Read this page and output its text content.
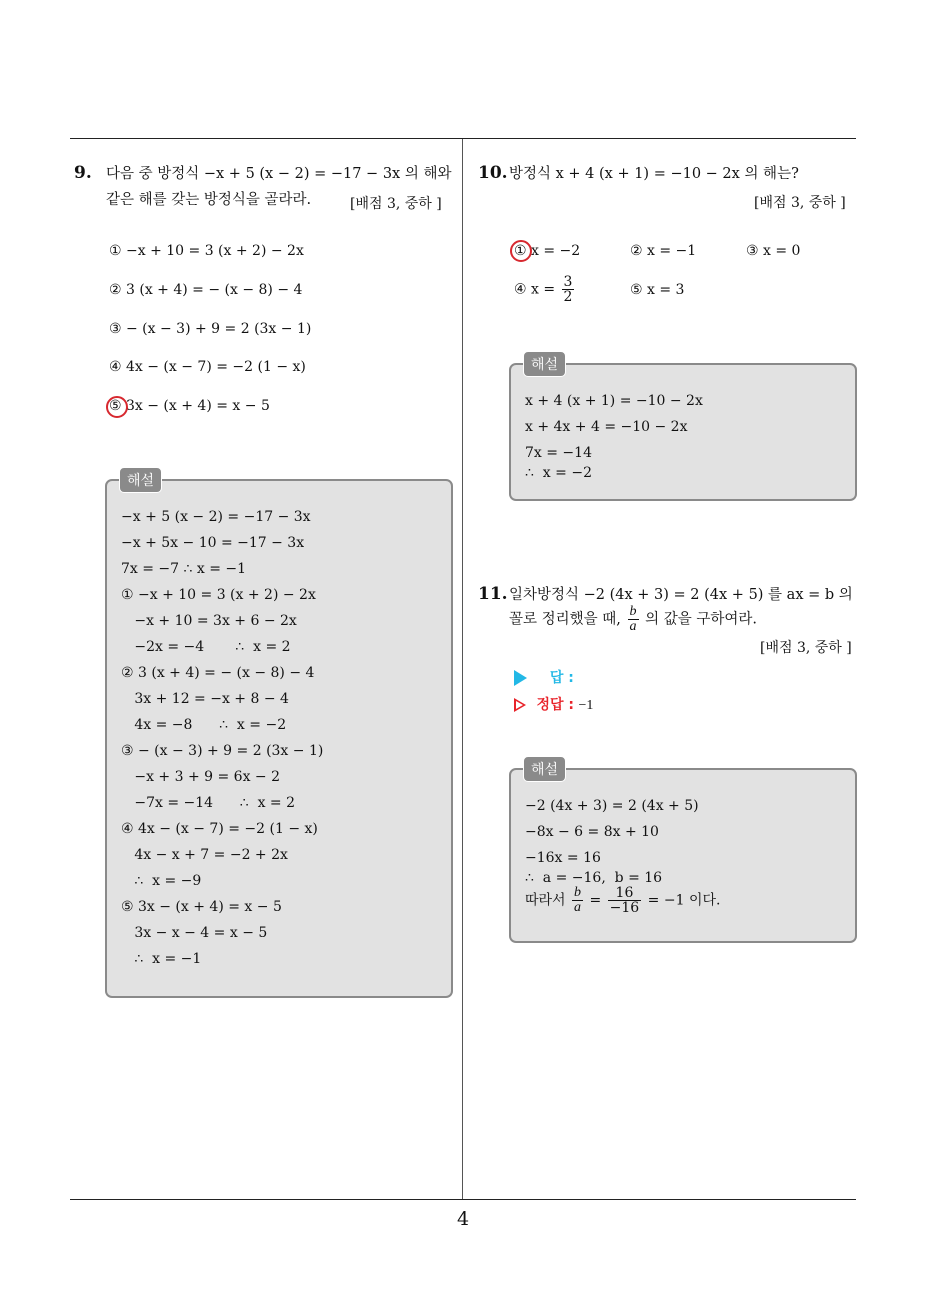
9. 다음 중 방정식 −x + 5 (x − 2) = −17 − 3x 의 해와
같은 해를 갖는 방정식을 골라라.	[배점 3, 중하 ]
① −x + 10 = 3 (x + 2) − 2x
② 3 (x + 4) = − (x − 8) − 4
③ − (x − 3) + 9 = 2 (3x − 1)
④ 4x − (x − 7) = −2 (1 − x)
⑤ 3x − (x + 4) = x − 5
해설
−x + 5 (x − 2) = −17 − 3x
−x + 5x − 10 = −17 − 3x
7x = −7 ∴ x = −1
① −x + 10 = 3 (x + 2) − 2x
−x + 10 = 3x + 6 − 2x
−2x = −4       ∴  x = 2
② 3 (x + 4) = − (x − 8) − 4
3x + 12 = −x + 8 − 4
4x = −8      ∴  x = −2
③ − (x − 3) + 9 = 2 (3x − 1)
−x + 3 + 9 = 6x − 2
−7x = −14      ∴  x = 2
④ 4x − (x − 7) = −2 (1 − x)
4x − x + 7 = −2 + 2x
∴  x = −9
⑤ 3x − (x + 4) = x − 5
3x − x − 4 = x − 5
∴  x = −1
10. 방정식 x + 4 (x + 1) = −10 − 2x 의 해는?
[배점 3, 중하 ]
① x = −2	② x = −1	③ x = 0
④ $x = \frac{3}{2}$	⑤ x = 3
해설
x + 4 (x + 1) = −10 − 2x
x + 4x + 4 = −10 − 2x
7x = −14
∴  x = −2
11. 일차방정식 −2 (4x + 3) = 2 (4x + 5) 를 ax = b 의
꼴로 정리했을 때, $\frac{b}{a}$ 의 값을 구하여라.
[배점 3, 중하 ]
답 :
정답 : −1
해설
−2 (4x + 3) = 2 (4x + 5)
−8x − 6 = 8x + 10
−16x = 16
∴  a = −16,  b = 16
따라서 $\frac{b}{a} = \frac{16}{-16} = -1$ 이다.
4
